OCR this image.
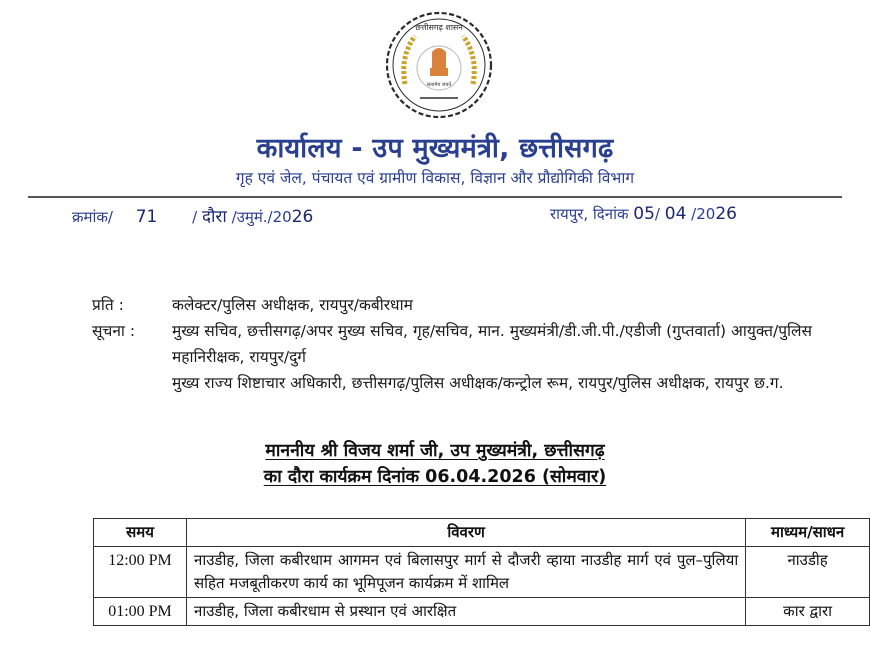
सत्यमेव जयते
छत्तीसगढ़ शासन
कार्यालय - उप मुख्यमंत्री, छत्तीसगढ़
गृह एवं जेल, पंचायत एवं ग्रामीण विकास, विज्ञान और प्रौद्योगिकी विभाग
क्रमांक/ 71 / दौरा /उमुमं./2026	रायपुर, दिनांक 05/ 04 /2026
प्रति :	कलेक्टर/पुलिस अधीक्षक, रायपुर/कबीरधाम
सूचना :	मुख्य सचिव, छत्तीसगढ़/अपर मुख्य सचिव, गृह/सचिव, मान. मुख्यमंत्री/डी.जी.पी./एडीजी (गुप्तवार्ता) आयुक्त/पुलिस महानिरीक्षक, रायपुर/दुर्ग
मुख्य राज्य शिष्टाचार अधिकारी, छत्तीसगढ़/पुलिस अधीक्षक/कन्ट्रोल रूम, रायपुर/पुलिस अधीक्षक, रायपुर छ.ग.
माननीय श्री विजय शर्मा जी, उप मुख्यमंत्री, छत्तीसगढ़
का दौरा कार्यक्रम दिनांक 06.04.2026 (सोमवार)
समय	विवरण	माध्यम/साधन
12:00 PM	नाउडीह, जिला कबीरधाम आगमन एवं बिलासपुर मार्ग से दौजरी व्हाया नाउडीह मार्ग एवं पुल–पुलिया सहित मजबूतीकरण कार्य का भूमिपूजन कार्यक्रम में शामिल	नाउडीह
01:00 PM	नाउडीह, जिला कबीरधाम से प्रस्थान एवं आरक्षित	कार द्वारा
